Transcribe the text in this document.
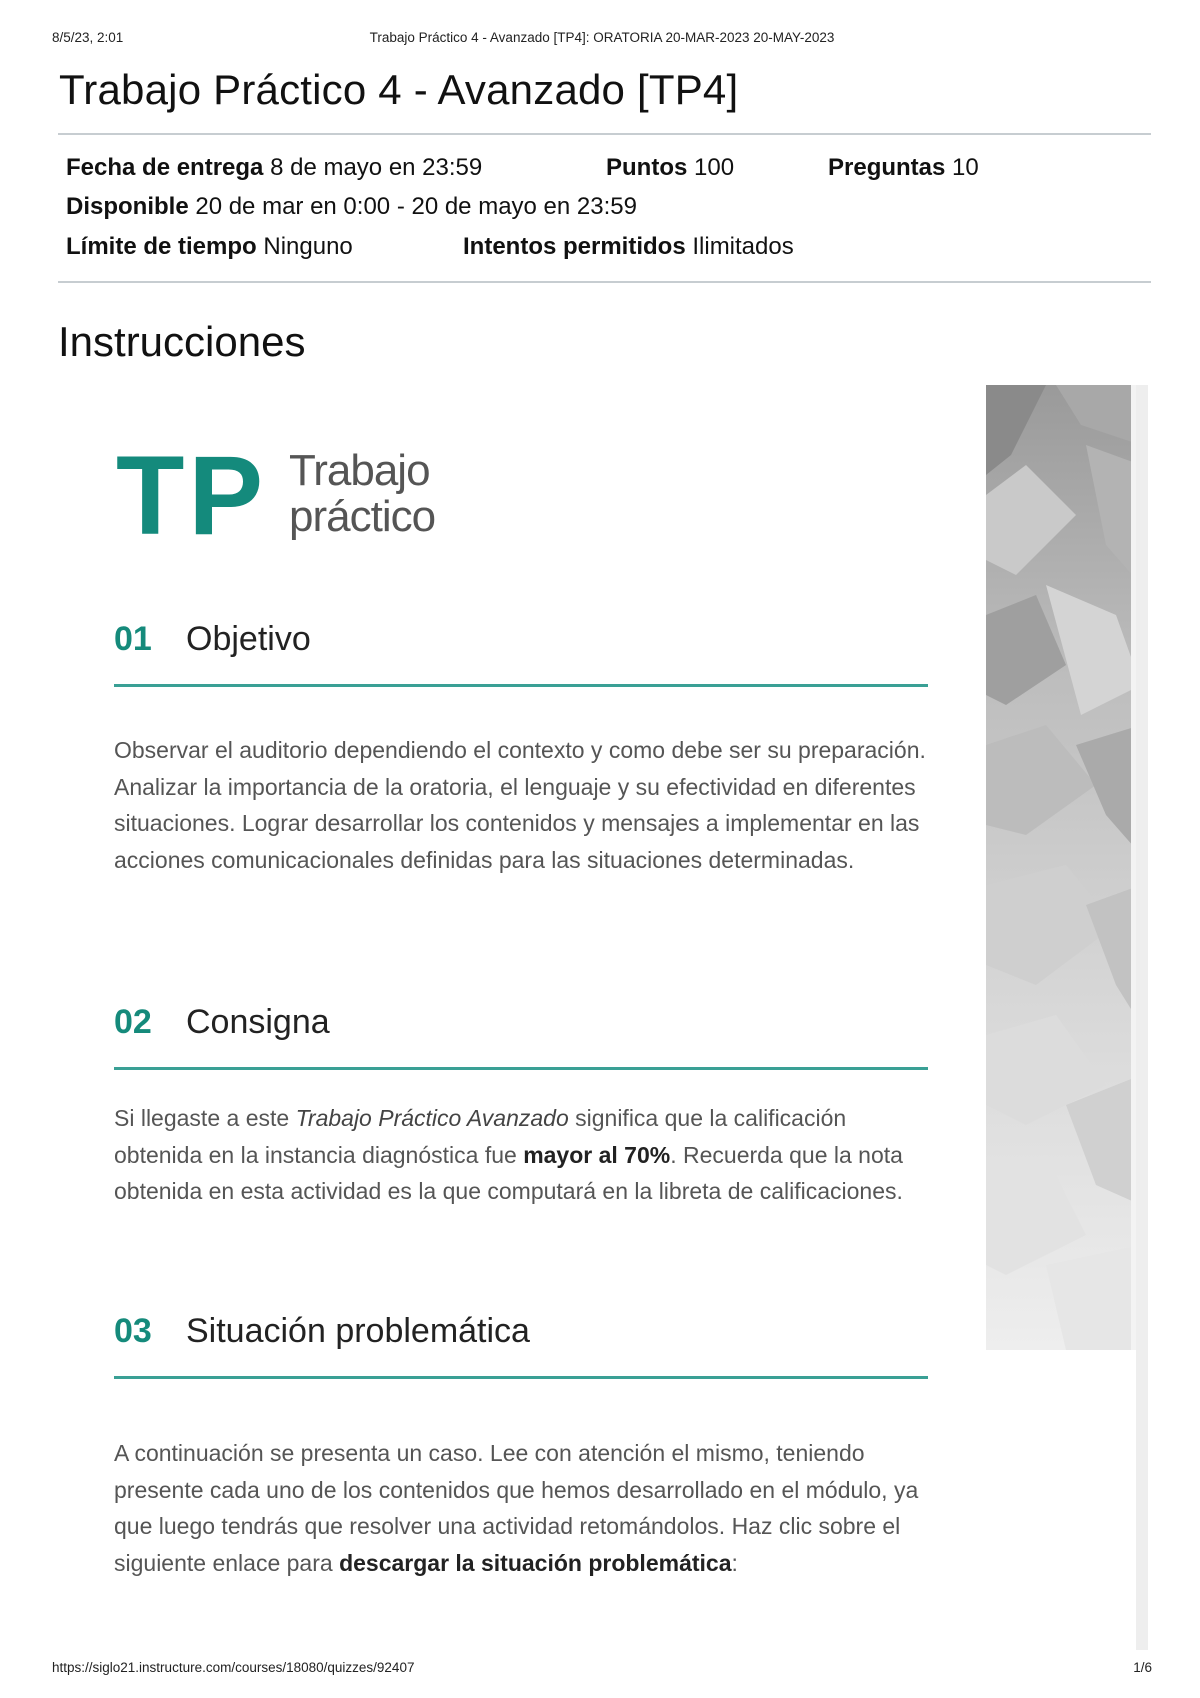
8/5/23, 2:01	Trabajo Práctico 4 - Avanzado [TP4]: ORATORIA 20-MAR-2023 20-MAY-2023
Trabajo Práctico 4 - Avanzado [TP4]
Fecha de entrega 8 de mayo en 23:59	Puntos 100	Preguntas 10
Disponible 20 de mar en 0:00 - 20 de mayo en 23:59
Límite de tiempo Ninguno	Intentos permitidos Ilimitados
Instrucciones
TP Trabajo
práctico
01 Objetivo

Observar el auditorio dependiendo el contexto y como debe ser su preparación. Analizar la importancia de la oratoria, el lenguaje y su efectividad en diferentes situaciones. Lograr desarrollar los contenidos y mensajes a implementar en las acciones comunicacionales definidas para las situaciones determinadas.

02 Consigna

Si llegaste a este Trabajo Práctico Avanzado significa que la calificación obtenida en la instancia diagnóstica fue mayor al 70%. Recuerda que la nota obtenida en esta actividad es la que computará en la libreta de calificaciones.

03 Situación problemática

A continuación se presenta un caso. Lee con atención el mismo, teniendo presente cada uno de los contenidos que hemos desarrollado en el módulo, ya que luego tendrás que resolver una actividad retomándolos. Haz clic sobre el siguiente enlace para descargar la situación problemática:

https://siglo21.instructure.com/courses/18080/quizzes/92407	1/6
